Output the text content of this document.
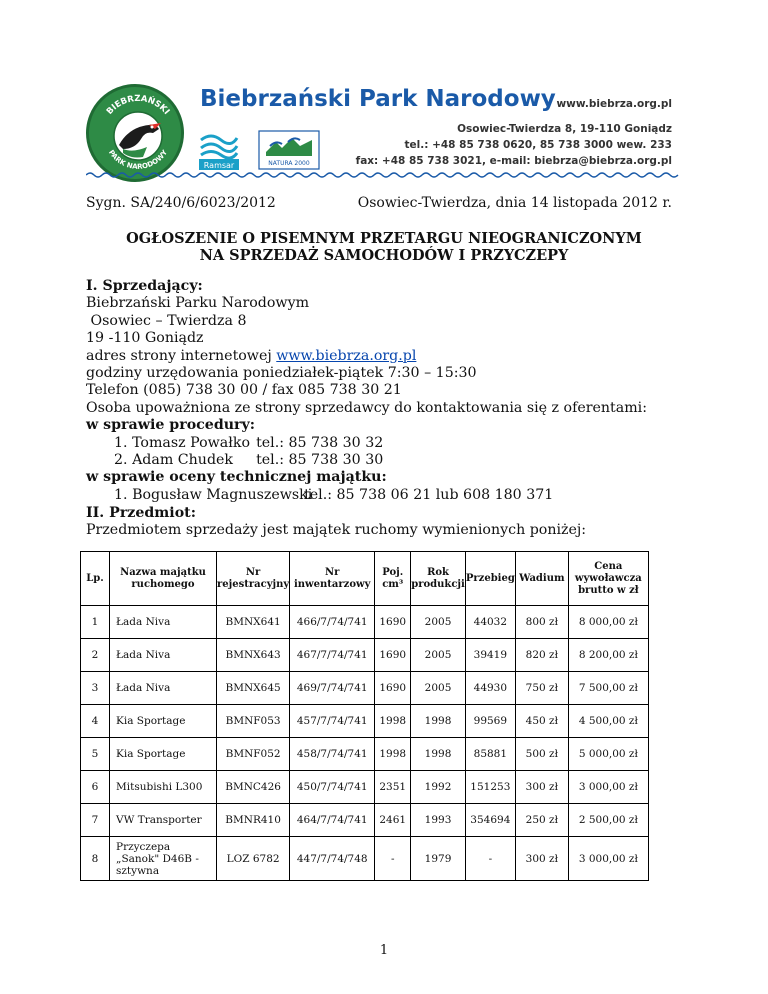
BIEBRZAŃSKI
PARK NARODOWY
Biebrzański Park Narodowy
Ramsar	NATURA 2000
www.biebrza.org.pl
Osowiec-Twierdza 8, 19-110 Goniądz
tel.: +48 85 738 0620, 85 738 3000 wew. 233
fax: +48 85 738 3021, e-mail: biebrza@biebrza.org.pl
Sygn. SA/240/6/6023/2012	Osowiec-Twierdza, dnia 14 listopada 2012 r.
OGŁOSZENIE O PISEMNYM PRZETARGU NIEOGRANICZONYM
NA SPRZEDAŻ SAMOCHODÓW I PRZYCZEPY
I. Sprzedający:
Biebrzański Parku Narodowym
Osowiec – Twierdza 8
19 -110 Goniądz
adres strony internetowej www.biebrza.org.pl
godziny urzędowania poniedziałek-piątek 7:30 – 15:30
Telefon (085) 738 30 00 / fax 085 738 30 21
Osoba upoważniona ze strony sprzedawcy do kontaktowania się z oferentami:
w sprawie procedury:
1. Tomasz Powałko tel.: 85 738 30 32
2. Adam Chudek tel.: 85 738 30 30
w sprawie oceny technicznej majątku:
1. Bogusław Magnuszewskitel.: 85 738 06 21 lub 608 180 371
II. Przedmiot:
Przedmiotem sprzedaży jest majątek ruchomy wymienionych poniżej:
Lp.	Nazwa majątku ruchomego	Nr rejestracyjny	Nr inwentarzowy	Poj. cm³	Rok produkcji	Przebieg	Wadium	Cena wywoławcza brutto w zł
1	Łada Niva	BMNX641	466/7/74/741	1690	2005	44032	800 zł	8 000,00 zł
2	Łada Niva	BMNX643	467/7/74/741	1690	2005	39419	820 zł	8 200,00 zł
3	Łada Niva	BMNX645	469/7/74/741	1690	2005	44930	750 zł	7 500,00 zł
4	Kia Sportage	BMNF053	457/7/74/741	1998	1998	99569	450 zł	4 500,00 zł
5	Kia Sportage	BMNF052	458/7/74/741	1998	1998	85881	500 zł	5 000,00 zł
6	Mitsubishi L300	BMNC426	450/7/74/741	2351	1992	151253	300 zł	3 000,00 zł
7	VW Transporter	BMNR410	464/7/74/741	2461	1993	354694	250 zł	2 500,00 zł
8	Przyczepa „Sanok" D46B -sztywna	LOZ 6782	447/7/74/748	-	1979	-	300 zł	3 000,00 zł
1
